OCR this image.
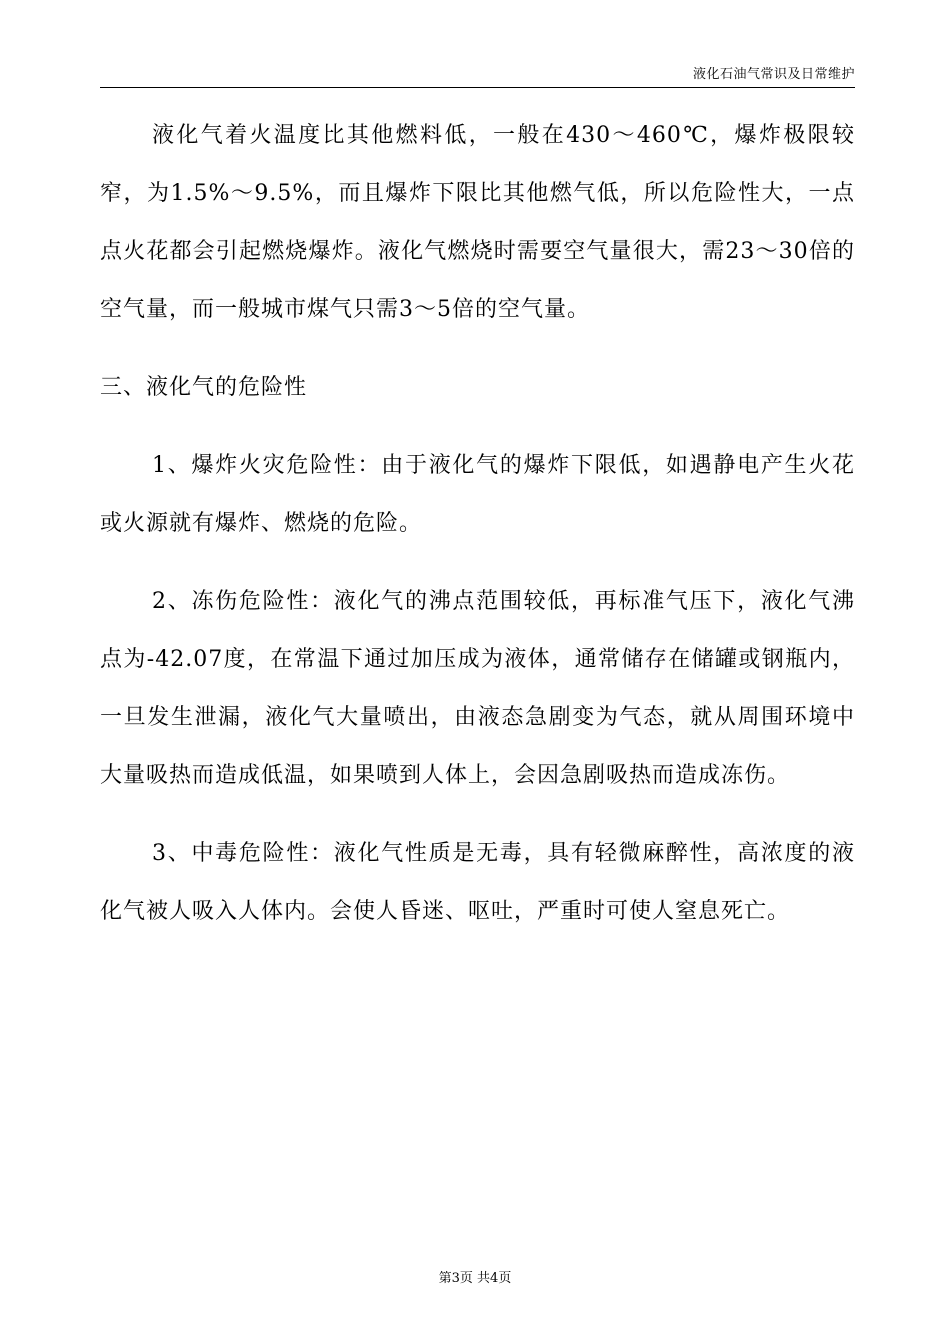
液化石油气常识及日常维护

液化气着火温度比其他燃料低，一般在430～460℃，爆炸极限较窄，为1.5%～9.5%，而且爆炸下限比其他燃气低，所以危险性大，一点点火花都会引起燃烧爆炸。液化气燃烧时需要空气量很大，需23～30倍的空气量，而一般城市煤气只需3～5倍的空气量。

三、液化气的危险性

1、爆炸火灾危险性：由于液化气的爆炸下限低，如遇静电产生火花或火源就有爆炸、燃烧的危险。

2、冻伤危险性：液化气的沸点范围较低，再标准气压下，液化气沸点为-42.07度，在常温下通过加压成为液体，通常储存在储罐或钢瓶内，一旦发生泄漏，液化气大量喷出，由液态急剧变为气态，就从周围环境中大量吸热而造成低温，如果喷到人体上，会因急剧吸热而造成冻伤。

3、中毒危险性：液化气性质是无毒，具有轻微麻醉性，高浓度的液化气被人吸入人体内。会使人昏迷、呕吐，严重时可使人窒息死亡。

第3页 共4页
